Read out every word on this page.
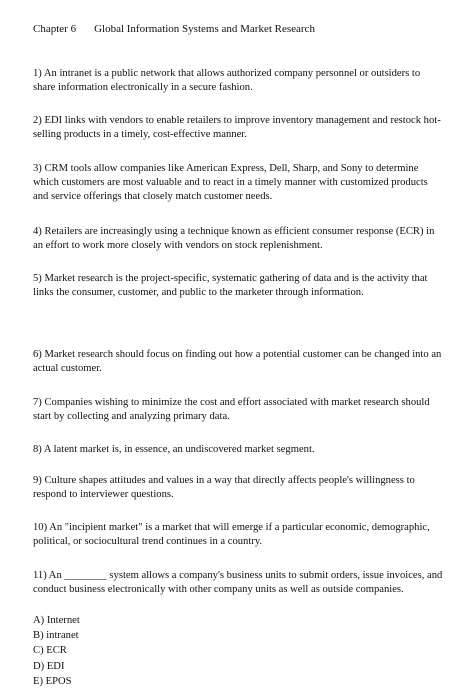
Chapter 6 Global Information Systems and Market Research

1) An intranet is a public network that allows authorized company personnel or outsiders to share information electronically in a secure fashion.

2) EDI links with vendors to enable retailers to improve inventory management and restock hot-selling products in a timely, cost-effective manner.

3) CRM tools allow companies like American Express, Dell, Sharp, and Sony to determine which customers are most valuable and to react in a timely manner with customized products and service offerings that closely match customer needs.

4) Retailers are increasingly using a technique known as efficient consumer response (ECR) in an effort to work more closely with vendors on stock replenishment.

5) Market research is the project-specific, systematic gathering of data and is the activity that links the consumer, customer, and public to the marketer through information.

6) Market research should focus on finding out how a potential customer can be changed into an actual customer.

7) Companies wishing to minimize the cost and effort associated with market research should start by collecting and analyzing primary data.

8) A latent market is, in essence, an undiscovered market segment.

9) Culture shapes attitudes and values in a way that directly affects people's willingness to respond to interviewer questions.

10) An "incipient market" is a market that will emerge if a particular economic, demographic, political, or sociocultural trend continues in a country.

11) An ________ system allows a company's business units to submit orders, issue invoices, and conduct business electronically with other company units as well as outside companies.

A) Internet
B) intranet
C) ECR
D) EDI
E) EPOS
